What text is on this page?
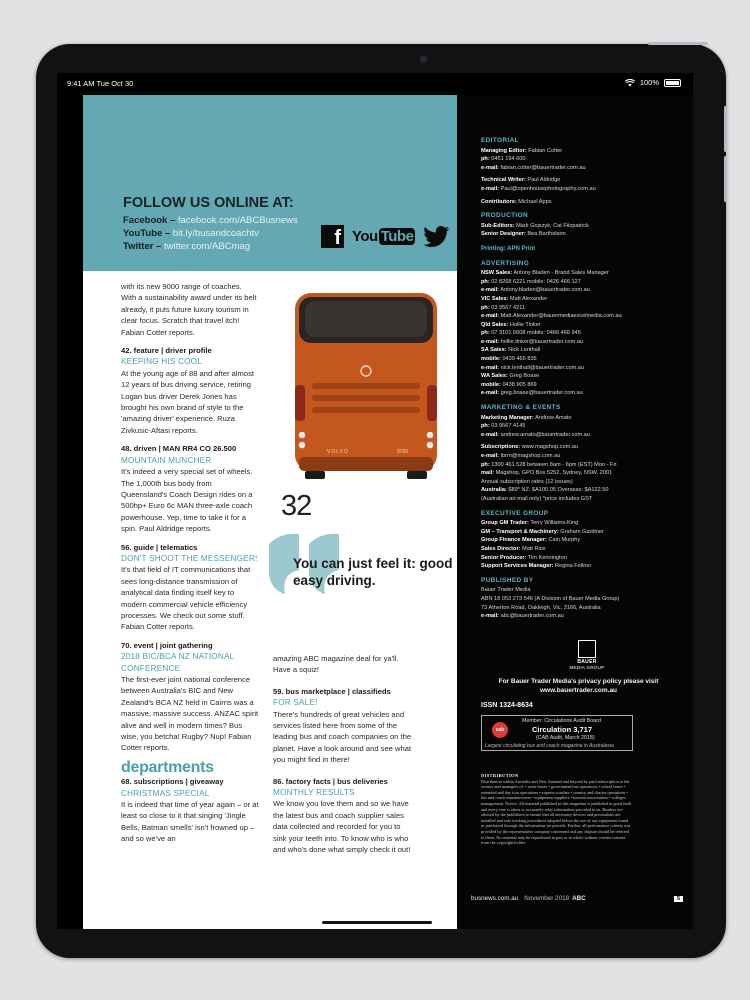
9:41 AM Tue Oct 30	100%
FOLLOW US ONLINE AT:
Facebook – facebook.com/ABCBusnews
YouTube – bit.ly/busandcoachtv
Twitter – twitter.com/ABCmag	f You Tube
with its new 9000 range of coaches. With a sustainability award under its belt already, it puts future luxury tourism in clear focus. Scratch that travel itch! Fabian Cotter reports.
42. feature | driver profile
KEEPING HIS COOL
At the young age of 88 and after almost 12 years of bus driving service, retiring Logan bus driver Derek Jones has brought his own brand of style to the 'amazing driver' experience. Ruza Zivkusic-Aftasi reports.
48. driven | MAN RR4 CO 26.500
MOUNTAIN MUNCHER
It's indeed a very special set of wheels. The 1,000th bus body from Queensland's Coach Design rides on a 500hp+ Euro 6c MAN three-axle coach powerhouse. Yep, time to take it for a spin. Paul Aldridge reports.
56. guide | telematics
DON'T SHOOT THE MESSENGER!
It's that field of IT communications that sees long-distance transmission of analytical data finding itself key to modern commercial vehicle efficiency processes. We check out some stuff. Fabian Cotter reports.
70. event | joint gathering
2018 BIC/BCA NZ NATIONAL CONFERENCE
The first-ever joint national conference between Australia's BIC and New Zealand's BCA NZ held in Cairns was a massive, massive success. ANZAC spirit alive and well in modern times? Bus wise, you betcha! Rugby? Nup! Fabian Cotter reports.
departments
68. subscriptions | giveaway
CHRISTMAS SPECIAL
It is indeed that time of year again – or at least so close to it that singing 'Jingle Bells, Batman smells' isn't frowned up – and so we've an
VOLVO	9700
32
You can just feel it: good easy driving.
amazing ABC magazine deal for ya'll. Have a squiz!
59. bus marketplace | classifieds
FOR SALE!
There's hundreds of great vehicles and services listed here from some of the leading bus and coach companies on the planet. Have a look around and see what you might find in there!
86. factory facts | bus deliveries
MONTHLY RESULTS
We know you love them and so we have the latest bus and coach supplier sales data collected and recorded for you to sink your teeth into. To know who is who and who's done what simply check it out!
EDITORIAL
Managing Editor: Fabian Cotter
ph: 0451 194 600
e-mail: fabian.cotter@bauertrader.com.au
Technical Writer: Paul Aldridge
e-mail: Paul@openhousephotography.com.au
Contributors: Michael Apps
PRODUCTION
Sub-Editors: Mark Gojszyk, Cat Fitzpatrick
Senior Designer: Bea Barthelson
Printing: APN Print
ADVERTISING
NSW Sales: Antony Bladen - Brand Sales Manager
ph: 02 8268 6221 mobile: 0426 466 127
e-mail: Antony.bladen@bauertrader.com.au
VIC Sales: Matt Alexander
ph: 03 9567 4211
e-mail: Matt.Alexander@bauermediaexcelmedia.com.au
Qld Sales: Hollie Tinker
ph: 07 3101 6608 mobile: 0466 466 945
e-mail: hollie.tinker@bauertrader.com.au
SA Sales: Nick Lenthall
mobile: 0439 465 835
e-mail: nick.lenthall@bauertrader.com.au
WA Sales: Greg Boase
mobile: 0438 905 869
e-mail: greg.boase@bauertrader.com.au
MARKETING & EVENTS
Marketing Manager: Andrew Amato
ph: 03 9567 4145
e-mail: andrew.amato@bauertrader.com.au
Subscriptions: www.magshop.com.au
e-mail: tbrm@magshop.com.au
ph: 1300 461 528 between 8am - 6pm (EST) Mon - Fri
mail: Magshop, GPO Box 5252, Sydney, NSW, 2001
Annual subscription rates (12 issues)
Australia: $89* NZ: $A100.05 Overseas: $A122.50
(Australian air-mail only) *price includes GST
EXECUTIVE GROUP
Group GM Trader: Terry Williams-King
GM – Transport & Machinery: Graham Gardiner
Group Finance Manager: Cain Murphy
Sales Director: Matt Rice
Senior Producer: Tim Kennington
Support Services Manager: Regina Fellner
PUBLISHED BY
Bauer Trader Media
ABN 18 053 273 546 (A Division of Bauer Media Group)
73 Atherton Road, Oakleigh, Vic, 3166, Australia
e-mail: abc@bauertrader.com.au
BAUER
MEDIA GROUP
For Bauer Trader Media's privacy policy please visit www.bauertrader.com.au
ISSN 1324-8634
cab
Member: Circulations Audit Board
Circulation 3,717
(CAB Audit, March 2018)
Largest circulating bus and coach magazine in Australasia
DISTRIBUTION
Distribution within Australia and New Zealand and beyond by paid subscription to the owners and managers of: • route buses • government bus operations • school buses • extended and day tour operations • express coaches • country and charter operations • bus and coach manufacturers • equipment suppliers • tourism associations • colleges management. Notice: All material published in this magazine is published in good faith and every care is taken to accurately relay information provided to us. Readers are advised by the publishers to ensure that all necessary devices and precautions are installed and safe working procedures adopted before the use of any equipment found or purchased through the information we provide. Further, all performance criteria was provided by the representative company concerned and any dispute should be referred to them. No material may be reproduced in part or in whole without written consent from the copyright holder.
busnews.com.au November 2018 ABC	5
